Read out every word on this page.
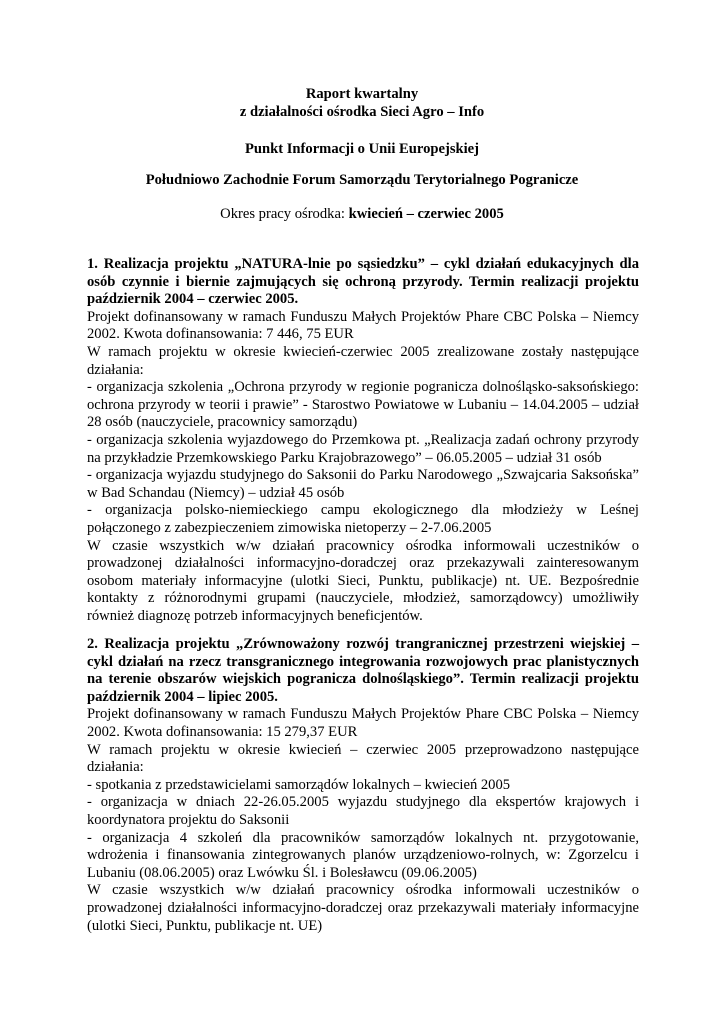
Raport kwartalny
z działalności ośrodka Sieci Agro – Info
Punkt Informacji o Unii Europejskiej
Południowo Zachodnie Forum Samorządu Terytorialnego Pogranicze
Okres pracy ośrodka: kwiecień – czerwiec 2005

1. Realizacja projektu „NATURA-lnie po sąsiedzku” – cykl działań edukacyjnych dla osób czynnie i biernie zajmujących się ochroną przyrody. Termin realizacji projektu październik 2004 – czerwiec 2005.

Projekt dofinansowany w ramach Funduszu Małych Projektów Phare CBC Polska – Niemcy 2002. Kwota dofinansowania: 7 446, 75 EUR

W ramach projektu w okresie kwiecień-czerwiec 2005 zrealizowane zostały następujące działania:

- organizacja szkolenia „Ochrona przyrody w regionie pogranicza dolnośląsko-saksońskiego: ochrona przyrody w teorii i prawie” - Starostwo Powiatowe w Lubaniu – 14.04.2005 – udział 28 osób (nauczyciele, pracownicy samorządu)

- organizacja szkolenia wyjazdowego do Przemkowa pt. „Realizacja zadań ochrony przyrody na przykładzie Przemkowskiego Parku Krajobrazowego” – 06.05.2005 – udział 31 osób

- organizacja wyjazdu studyjnego do Saksonii do Parku Narodowego „Szwajcaria Saksońska” w Bad Schandau (Niemcy) – udział 45 osób

- organizacja polsko-niemieckiego campu ekologicznego dla młodzieży w Leśnej połączonego z zabezpieczeniem zimowiska nietoperzy – 2-7.06.2005

W czasie wszystkich w/w działań pracownicy ośrodka informowali uczestników o prowadzonej działalności informacyjno-doradczej oraz przekazywali zainteresowanym osobom materiały informacyjne (ulotki Sieci, Punktu, publikacje) nt. UE. Bezpośrednie kontakty z różnorodnymi grupami (nauczyciele, młodzież, samorządowcy) umożliwiły również diagnozę potrzeb informacyjnych beneficjentów.

2. Realizacja projektu „Zrównoważony rozwój trangranicznej przestrzeni wiejskiej – cykl działań na rzecz transgranicznego integrowania rozwojowych prac planistycznych na terenie obszarów wiejskich pogranicza dolnośląskiego”. Termin realizacji projektu październik 2004 – lipiec 2005.

Projekt dofinansowany w ramach Funduszu Małych Projektów Phare CBC Polska – Niemcy 2002. Kwota dofinansowania: 15 279,37 EUR

W ramach projektu w okresie kwiecień – czerwiec 2005 przeprowadzono następujące działania:

- spotkania z przedstawicielami samorządów lokalnych – kwiecień 2005

- organizacja w dniach 22-26.05.2005 wyjazdu studyjnego dla ekspertów krajowych i koordynatora projektu do Saksonii

- organizacja 4 szkoleń dla pracowników samorządów lokalnych nt. przygotowanie, wdrożenia i finansowania zintegrowanych planów urządzeniowo-rolnych, w: Zgorzelcu i Lubaniu (08.06.2005) oraz Lwówku Śl. i Bolesławcu (09.06.2005)

W czasie wszystkich w/w działań pracownicy ośrodka informowali uczestników o prowadzonej działalności informacyjno-doradczej oraz przekazywali materiały informacyjne (ulotki Sieci, Punktu, publikacje nt. UE)
